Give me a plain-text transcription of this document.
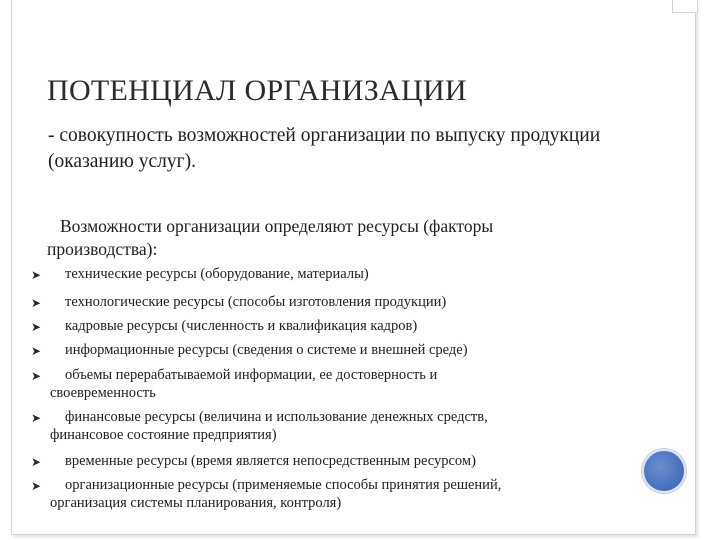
ПОТЕНЦИАЛ ОРГАНИЗАЦИИ
- совокупность возможностей организации по выпуску продукции (оказанию услуг).
Возможности организации определяют ресурсы (факторы
производства):
➤	технические ресурсы (оборудование, материалы)
➤	технологические ресурсы (способы изготовления продукции)
➤	кадровые ресурсы (численность и квалификация кадров)
➤	информационные ресурсы (сведения о системе и внешней среде)
➤	объемы перерабатываемой информации, ее достоверность и
своевременность
➤	финансовые ресурсы (величина и использование денежных средств,
финансовое состояние предприятия)
➤	временные ресурсы (время является непосредственным ресурсом)
➤	организационные ресурсы (применяемые способы принятия решений,
организация системы планирования, контроля)
